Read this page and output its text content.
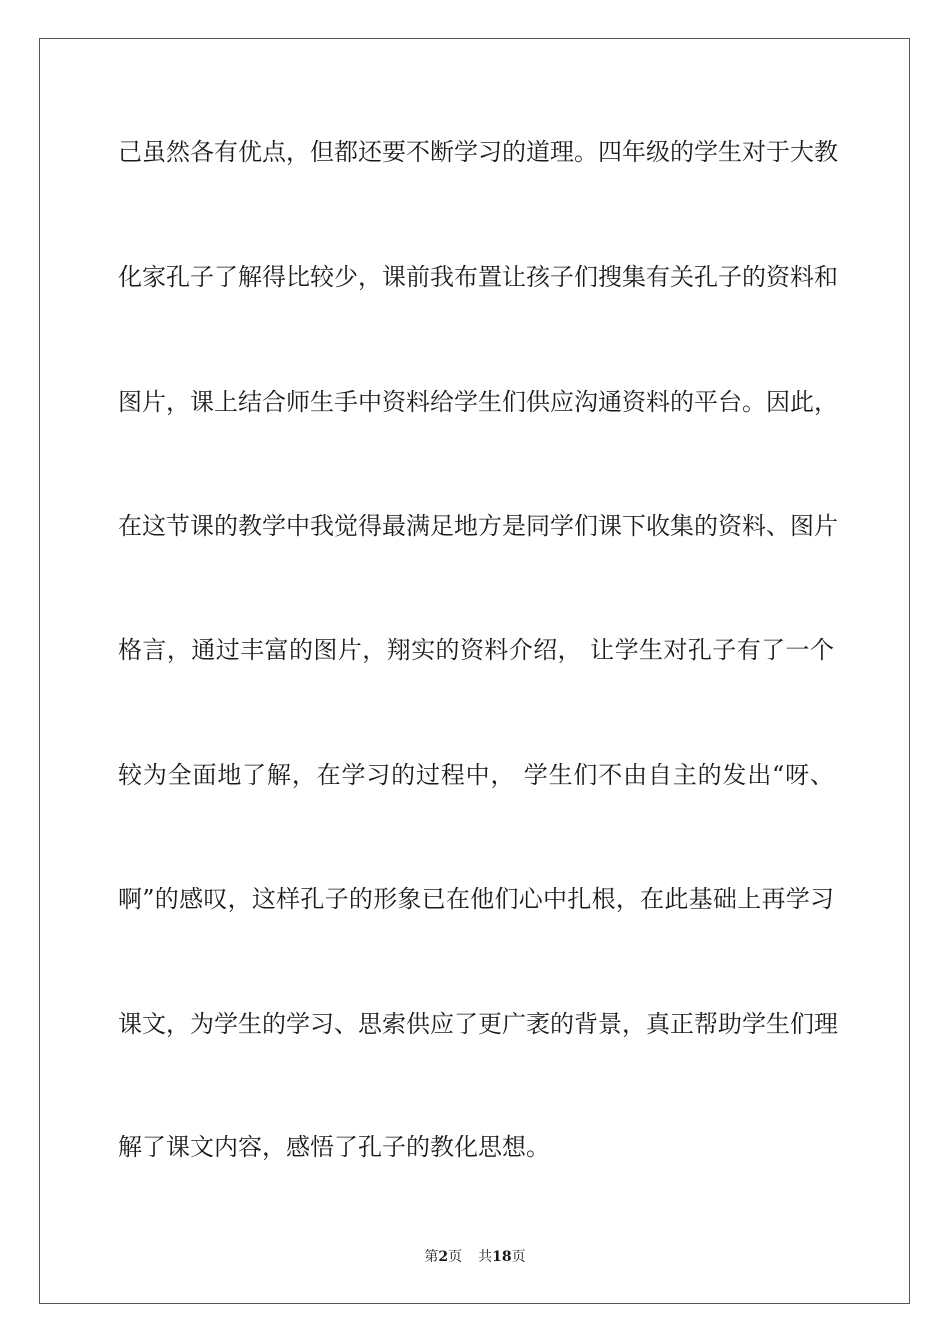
己虽然各有优点，但都还要不断学习的道理。四年级的学生对于大教

化家孔子了解得比较少，课前我布置让孩子们搜集有关孔子的资料和

图片，课上结合师生手中资料给学生们供应沟通资料的平台。因此，

在这节课的教学中我觉得最满足地方是同学们课下收集的资料、图片

格言，通过丰富的图片，翔实的资料介绍， 让学生对孔子有了一个

较为全面地了解，在学习的过程中， 学生们不由自主的发出“呀、

啊”的感叹，这样孔子的形象已在他们心中扎根，在此基础上再学习

课文，为学生的学习、思索供应了更广袤的背景，真正帮助学生们理

解了课文内容，感悟了孔子的教化思想。

第2页 共18页
